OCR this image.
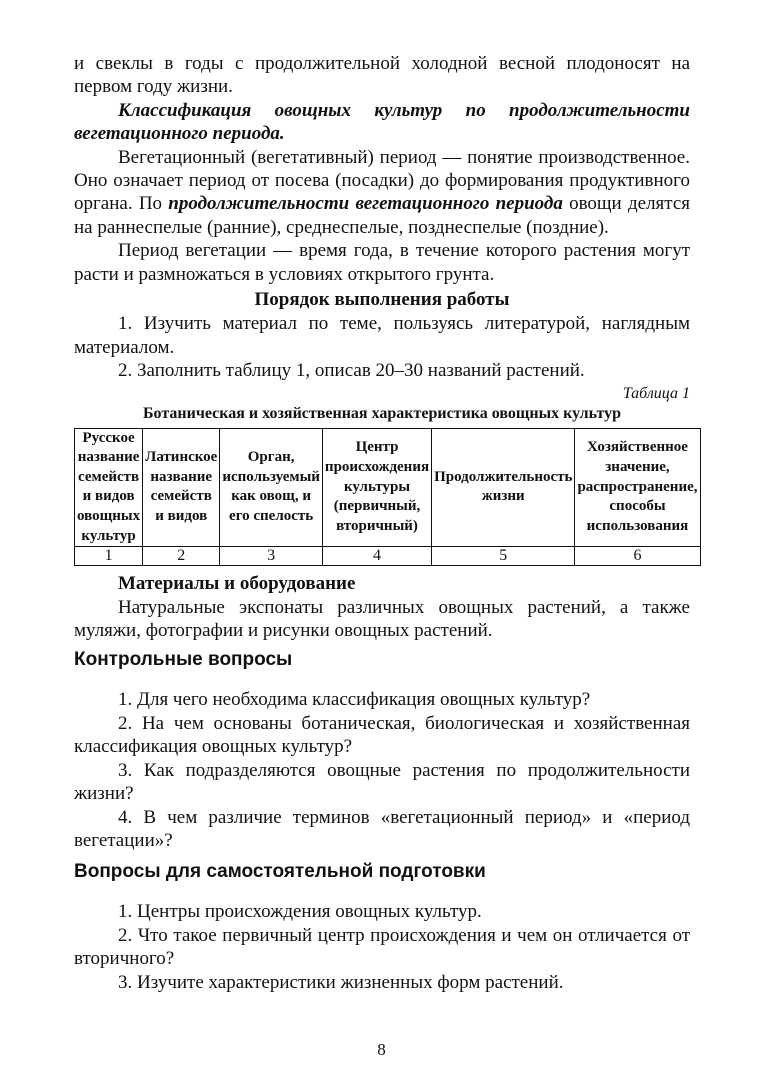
и свеклы в годы с продолжительной холодной весной плодоносят на первом году жизни.

Классификация овощных культур по продолжительности вегетационного периода.

Вегетационный (вегетативный) период — понятие производственное. Оно означает период от посева (посадки) до формирования продуктивного органа. По продолжительности вегетационного периода овощи делятся на раннеспелые (ранние), среднеспелые, позднеспелые (поздние).

Период вегетации — время года, в течение которого растения могут расти и размножаться в условиях открытого грунта.

Порядок выполнения работы

1. Изучить материал по теме, пользуясь литературой, наглядным материалом.

2. Заполнить таблицу 1, описав 20–30 названий растений.

Таблица 1

Ботаническая и хозяйственная характеристика овощных культур

Русское название семейств и видов овощных культур	Латинское название семейств и видов	Орган, используемый как овощ, и его спелость	Центр происхождения культуры (первичный, вторичный)	Продолжительность жизни	Хозяйственное значение, распространение, способы использования
1	2	3	4	5	6

Материалы и оборудование

Натуральные экспонаты различных овощных растений, а также муляжи, фотографии и рисунки овощных растений.

Контрольные вопросы

1. Для чего необходима классификация овощных культур?

2. На чем основаны ботаническая, биологическая и хозяйственная классификация овощных культур?

3. Как подразделяются овощные растения по продолжительности жизни?

4. В чем различие терминов «вегетационный период» и «период вегетации»?

Вопросы для самостоятельной подготовки

1. Центры происхождения овощных культур.

2. Что такое первичный центр происхождения и чем он отличается от вторичного?

3. Изучите характеристики жизненных форм растений.

8
